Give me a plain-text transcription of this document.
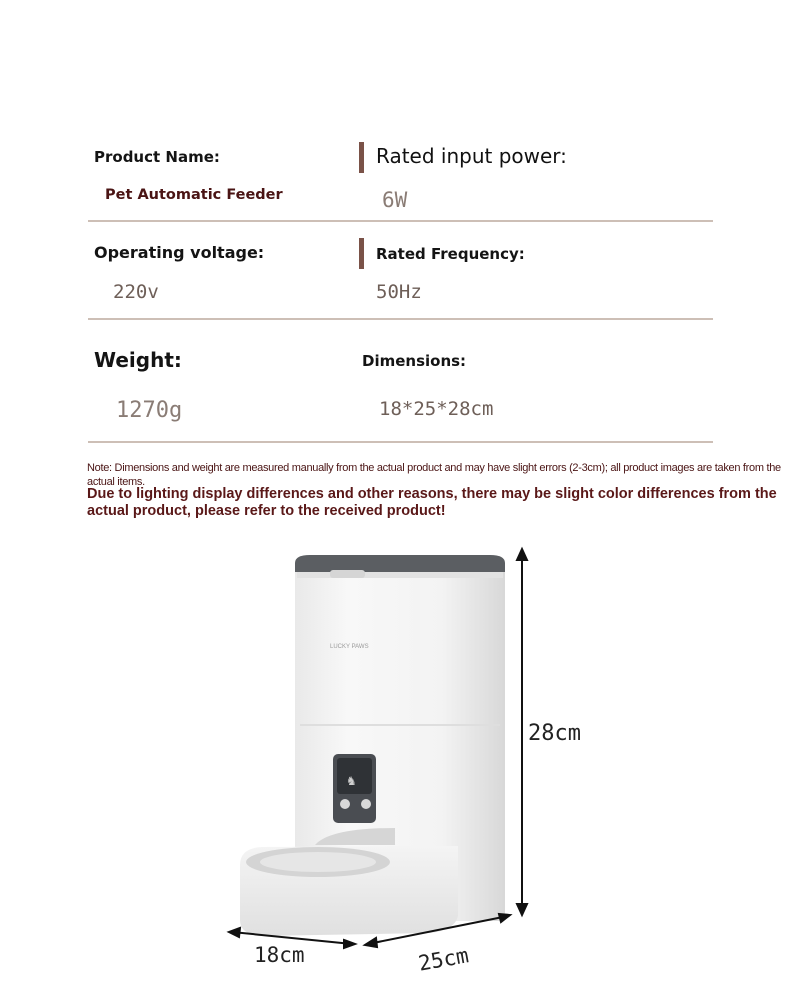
Product Name:
Pet Automatic Feeder
Rated input power:
6W
Operating voltage:
220v
Rated Frequency:
50Hz
Weight:
1270g
Dimensions:
18*25*28cm
Note: Dimensions and weight are measured manually from the actual product and may have slight errors (2-3cm); all product images are taken from the actual items.
Due to lighting display differences and other reasons, there may be slight color differences from the actual product, please refer to the received product!
LUCKY PAWS
♞
28cm
18cm	25cm
